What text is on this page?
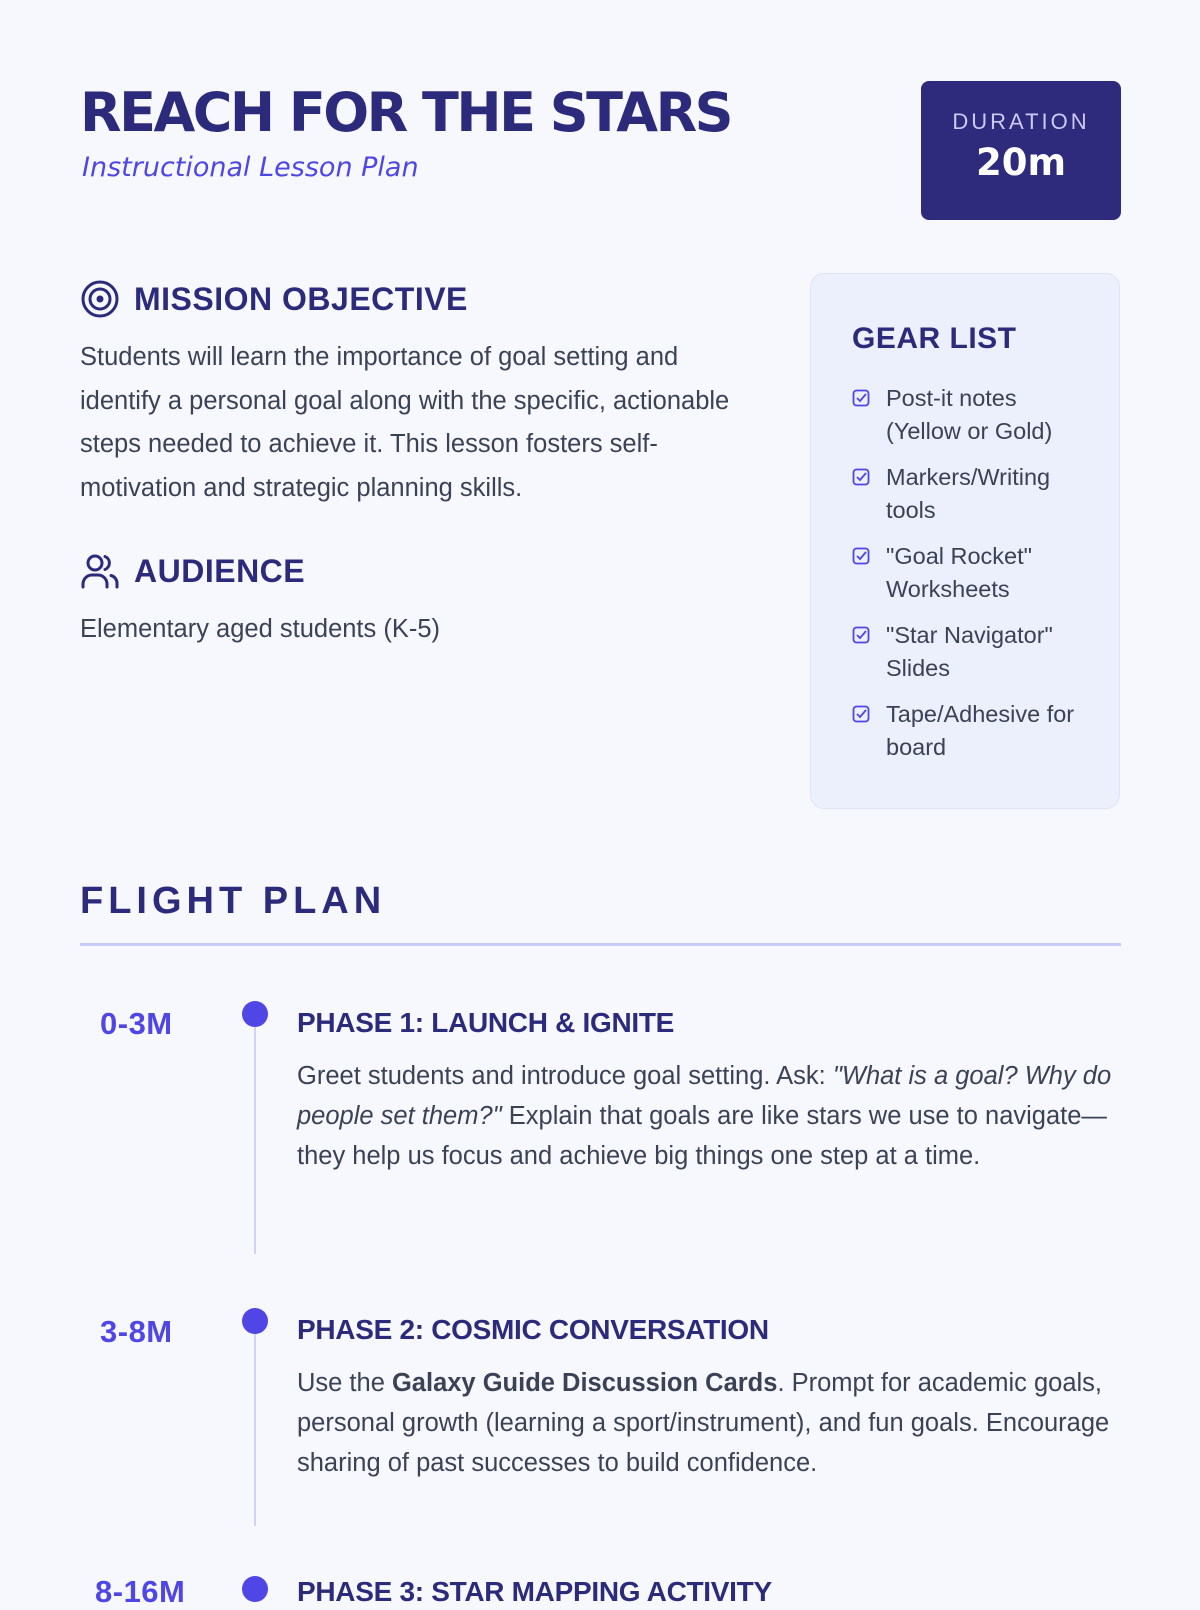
REACH FOR THE STARS
Instructional Lesson Plan
DURATION
20m
MISSION OBJECTIVE
Students will learn the importance of goal setting and identify a personal goal along with the specific, actionable steps needed to achieve it. This lesson fosters self-motivation and strategic planning skills.
AUDIENCE
Elementary aged students (K-5)
GEAR LIST
Post-it notes (Yellow or Gold)
Markers/Writing tools
"Goal Rocket" Worksheets
"Star Navigator" Slides
Tape/Adhesive for board
FLIGHT PLAN
0-3M	PHASE 1: LAUNCH & IGNITE
Greet students and introduce goal setting. Ask: "What is a goal? Why do people set them?" Explain that goals are like stars we use to navigate—they help us focus and achieve big things one step at a time.
3-8M	PHASE 2: COSMIC CONVERSATION
Use the Galaxy Guide Discussion Cards. Prompt for academic goals, personal growth (learning a sport/instrument), and fun goals. Encourage sharing of past successes to build confidence.
8-16M	PHASE 3: STAR MAPPING ACTIVITY
